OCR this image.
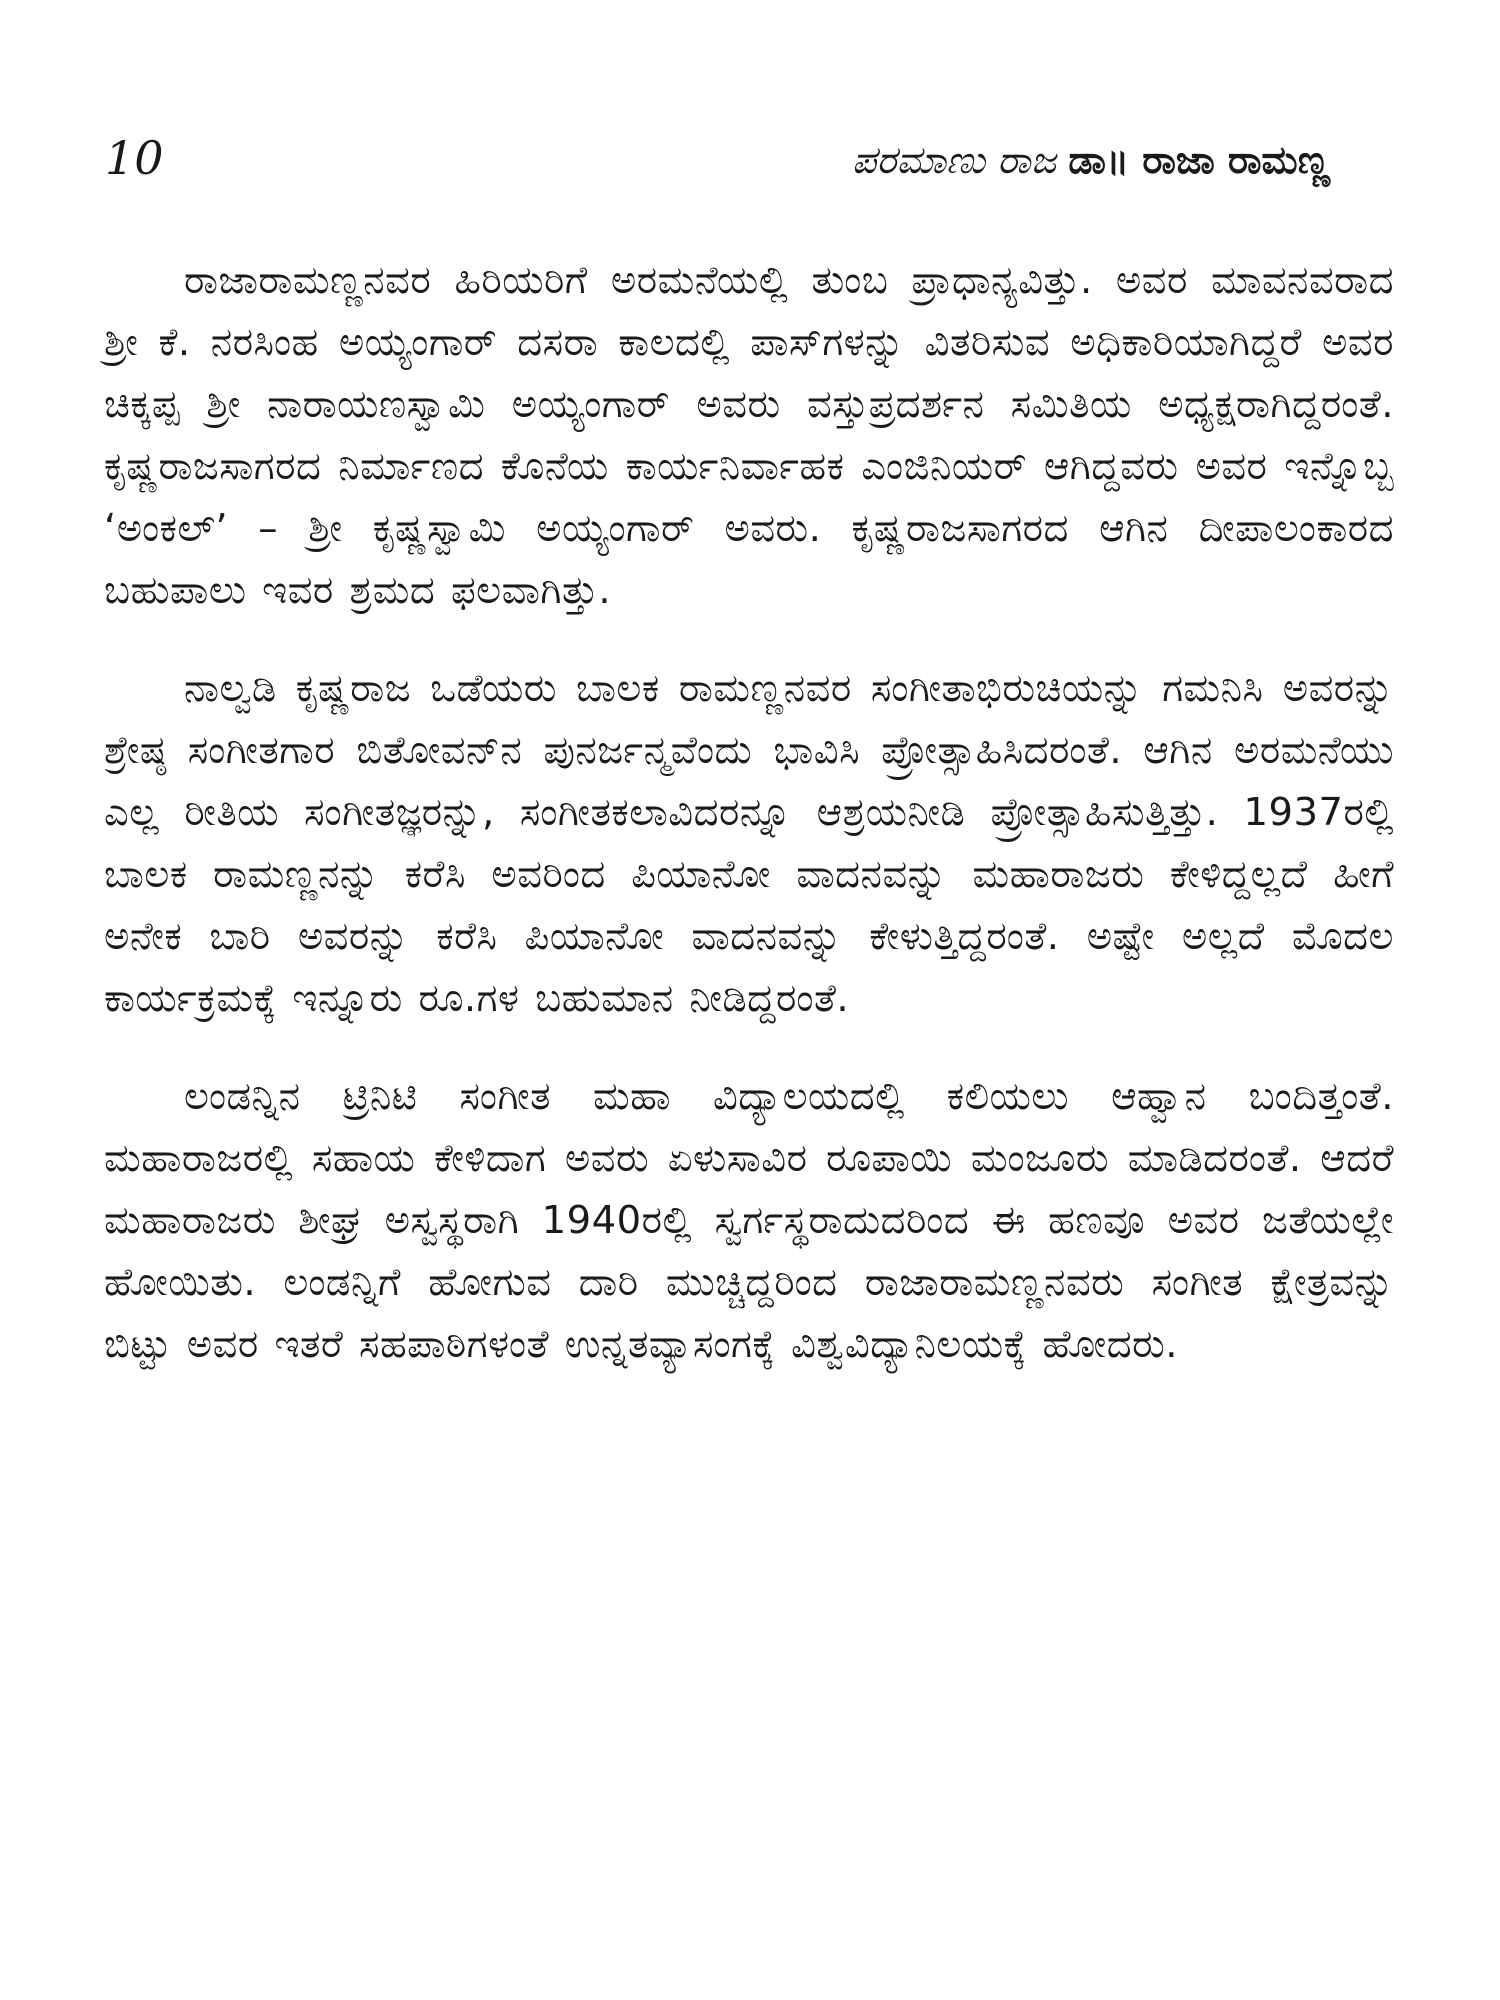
10	ಪರಮಾಣು ರಾಜ ಡಾ॥ ರಾಜಾ ರಾಮಣ್ಣ

ರಾಜಾರಾಮಣ್ಣನವರ ಹಿರಿಯರಿಗೆ ಅರಮನೆಯಲ್ಲಿ ತುಂಬ ಪ್ರಾಧಾನ್ಯವಿತ್ತು. ಅವರ ಮಾವನವರಾದ ಶ್ರೀ ಕೆ. ನರಸಿಂಹ ಅಯ್ಯಂಗಾರ್ ದಸರಾ ಕಾಲದಲ್ಲಿ ಪಾಸ್‌ಗಳನ್ನು ವಿತರಿಸುವ ಅಧಿಕಾರಿಯಾಗಿದ್ದರೆ ಅವರ ಚಿಕ್ಕಪ್ಪ ಶ್ರೀ ನಾರಾಯಣಸ್ವಾಮಿ ಅಯ್ಯಂಗಾರ್ ಅವರು ವಸ್ತುಪ್ರದರ್ಶನ ಸಮಿತಿಯ ಅಧ್ಯಕ್ಷರಾಗಿದ್ದರಂತೆ. ಕೃಷ್ಣರಾಜಸಾಗರದ ನಿರ್ಮಾಣದ ಕೊನೆಯ ಕಾರ್ಯನಿರ್ವಾಹಕ ಎಂಜಿನಿಯರ್ ಆಗಿದ್ದವರು ಅವರ ಇನ್ನೊಬ್ಬ ‘ಅಂಕಲ್’ – ಶ್ರೀ ಕೃಷ್ಣಸ್ವಾಮಿ ಅಯ್ಯಂಗಾರ್ ಅವರು. ಕೃಷ್ಣರಾಜಸಾಗರದ ಆಗಿನ ದೀಪಾಲಂಕಾರದ ಬಹುಪಾಲು ಇವರ ಶ್ರಮದ ಫಲವಾಗಿತ್ತು.

ನಾಲ್ವಡಿ ಕೃಷ್ಣರಾಜ ಒಡೆಯರು ಬಾಲಕ ರಾಮಣ್ಣನವರ ಸಂಗೀತಾಭಿರುಚಿಯನ್ನು ಗಮನಿಸಿ ಅವರನ್ನು ಶ್ರೇಷ್ಠ ಸಂಗೀತಗಾರ ಬಿತೋವನ್‌ನ ಪುನರ್ಜನ್ಮವೆಂದು ಭಾವಿಸಿ ಪ್ರೋತ್ಸಾಹಿಸಿದರಂತೆ. ಆಗಿನ ಅರಮನೆಯು ಎಲ್ಲ ರೀತಿಯ ಸಂಗೀತಜ್ಞರನ್ನು, ಸಂಗೀತಕಲಾವಿದರನ್ನೂ ಆಶ್ರಯನೀಡಿ ಪ್ರೋತ್ಸಾಹಿಸುತ್ತಿತ್ತು. 1937ರಲ್ಲಿ ಬಾಲಕ ರಾಮಣ್ಣನನ್ನು ಕರೆಸಿ ಅವರಿಂದ ಪಿಯಾನೋ ವಾದನವನ್ನು ಮಹಾರಾಜರು ಕೇಳಿದ್ದಲ್ಲದೆ ಹೀಗೆ ಅನೇಕ ಬಾರಿ ಅವರನ್ನು ಕರೆಸಿ ಪಿಯಾನೋ ವಾದನವನ್ನು ಕೇಳುತ್ತಿದ್ದರಂತೆ. ಅಷ್ಟೇ ಅಲ್ಲದೆ ಮೊದಲ ಕಾರ್ಯಕ್ರಮಕ್ಕೆ ಇನ್ನೂರು ರೂ.ಗಳ ಬಹುಮಾನ ನೀಡಿದ್ದರಂತೆ.

ಲಂಡನ್ನಿನ ಟ್ರಿನಿಟಿ ಸಂಗೀತ ಮಹಾ ವಿದ್ಯಾಲಯದಲ್ಲಿ ಕಲಿಯಲು ಆಹ್ವಾನ ಬಂದಿತ್ತಂತೆ. ಮಹಾರಾಜರಲ್ಲಿ ಸಹಾಯ ಕೇಳಿದಾಗ ಅವರು ಏಳುಸಾವಿರ ರೂಪಾಯಿ ಮಂಜೂರು ಮಾಡಿದರಂತೆ. ಆದರೆ ಮಹಾರಾಜರು ಶೀಘ್ರ ಅಸ್ವಸ್ಥರಾಗಿ 1940ರಲ್ಲಿ ಸ್ವರ್ಗಸ್ಥರಾದುದರಿಂದ ಈ ಹಣವೂ ಅವರ ಜತೆಯಲ್ಲೇ ಹೋಯಿತು. ಲಂಡನ್ನಿಗೆ ಹೋಗುವ ದಾರಿ ಮುಚ್ಚಿದ್ದರಿಂದ ರಾಜಾರಾಮಣ್ಣನವರು ಸಂಗೀತ ಕ್ಷೇತ್ರವನ್ನು ಬಿಟ್ಟು ಅವರ ಇತರೆ ಸಹಪಾಠಿಗಳಂತೆ ಉನ್ನತವ್ಯಾಸಂಗಕ್ಕೆ ವಿಶ್ವವಿದ್ಯಾನಿಲಯಕ್ಕೆ ಹೋದರು.
